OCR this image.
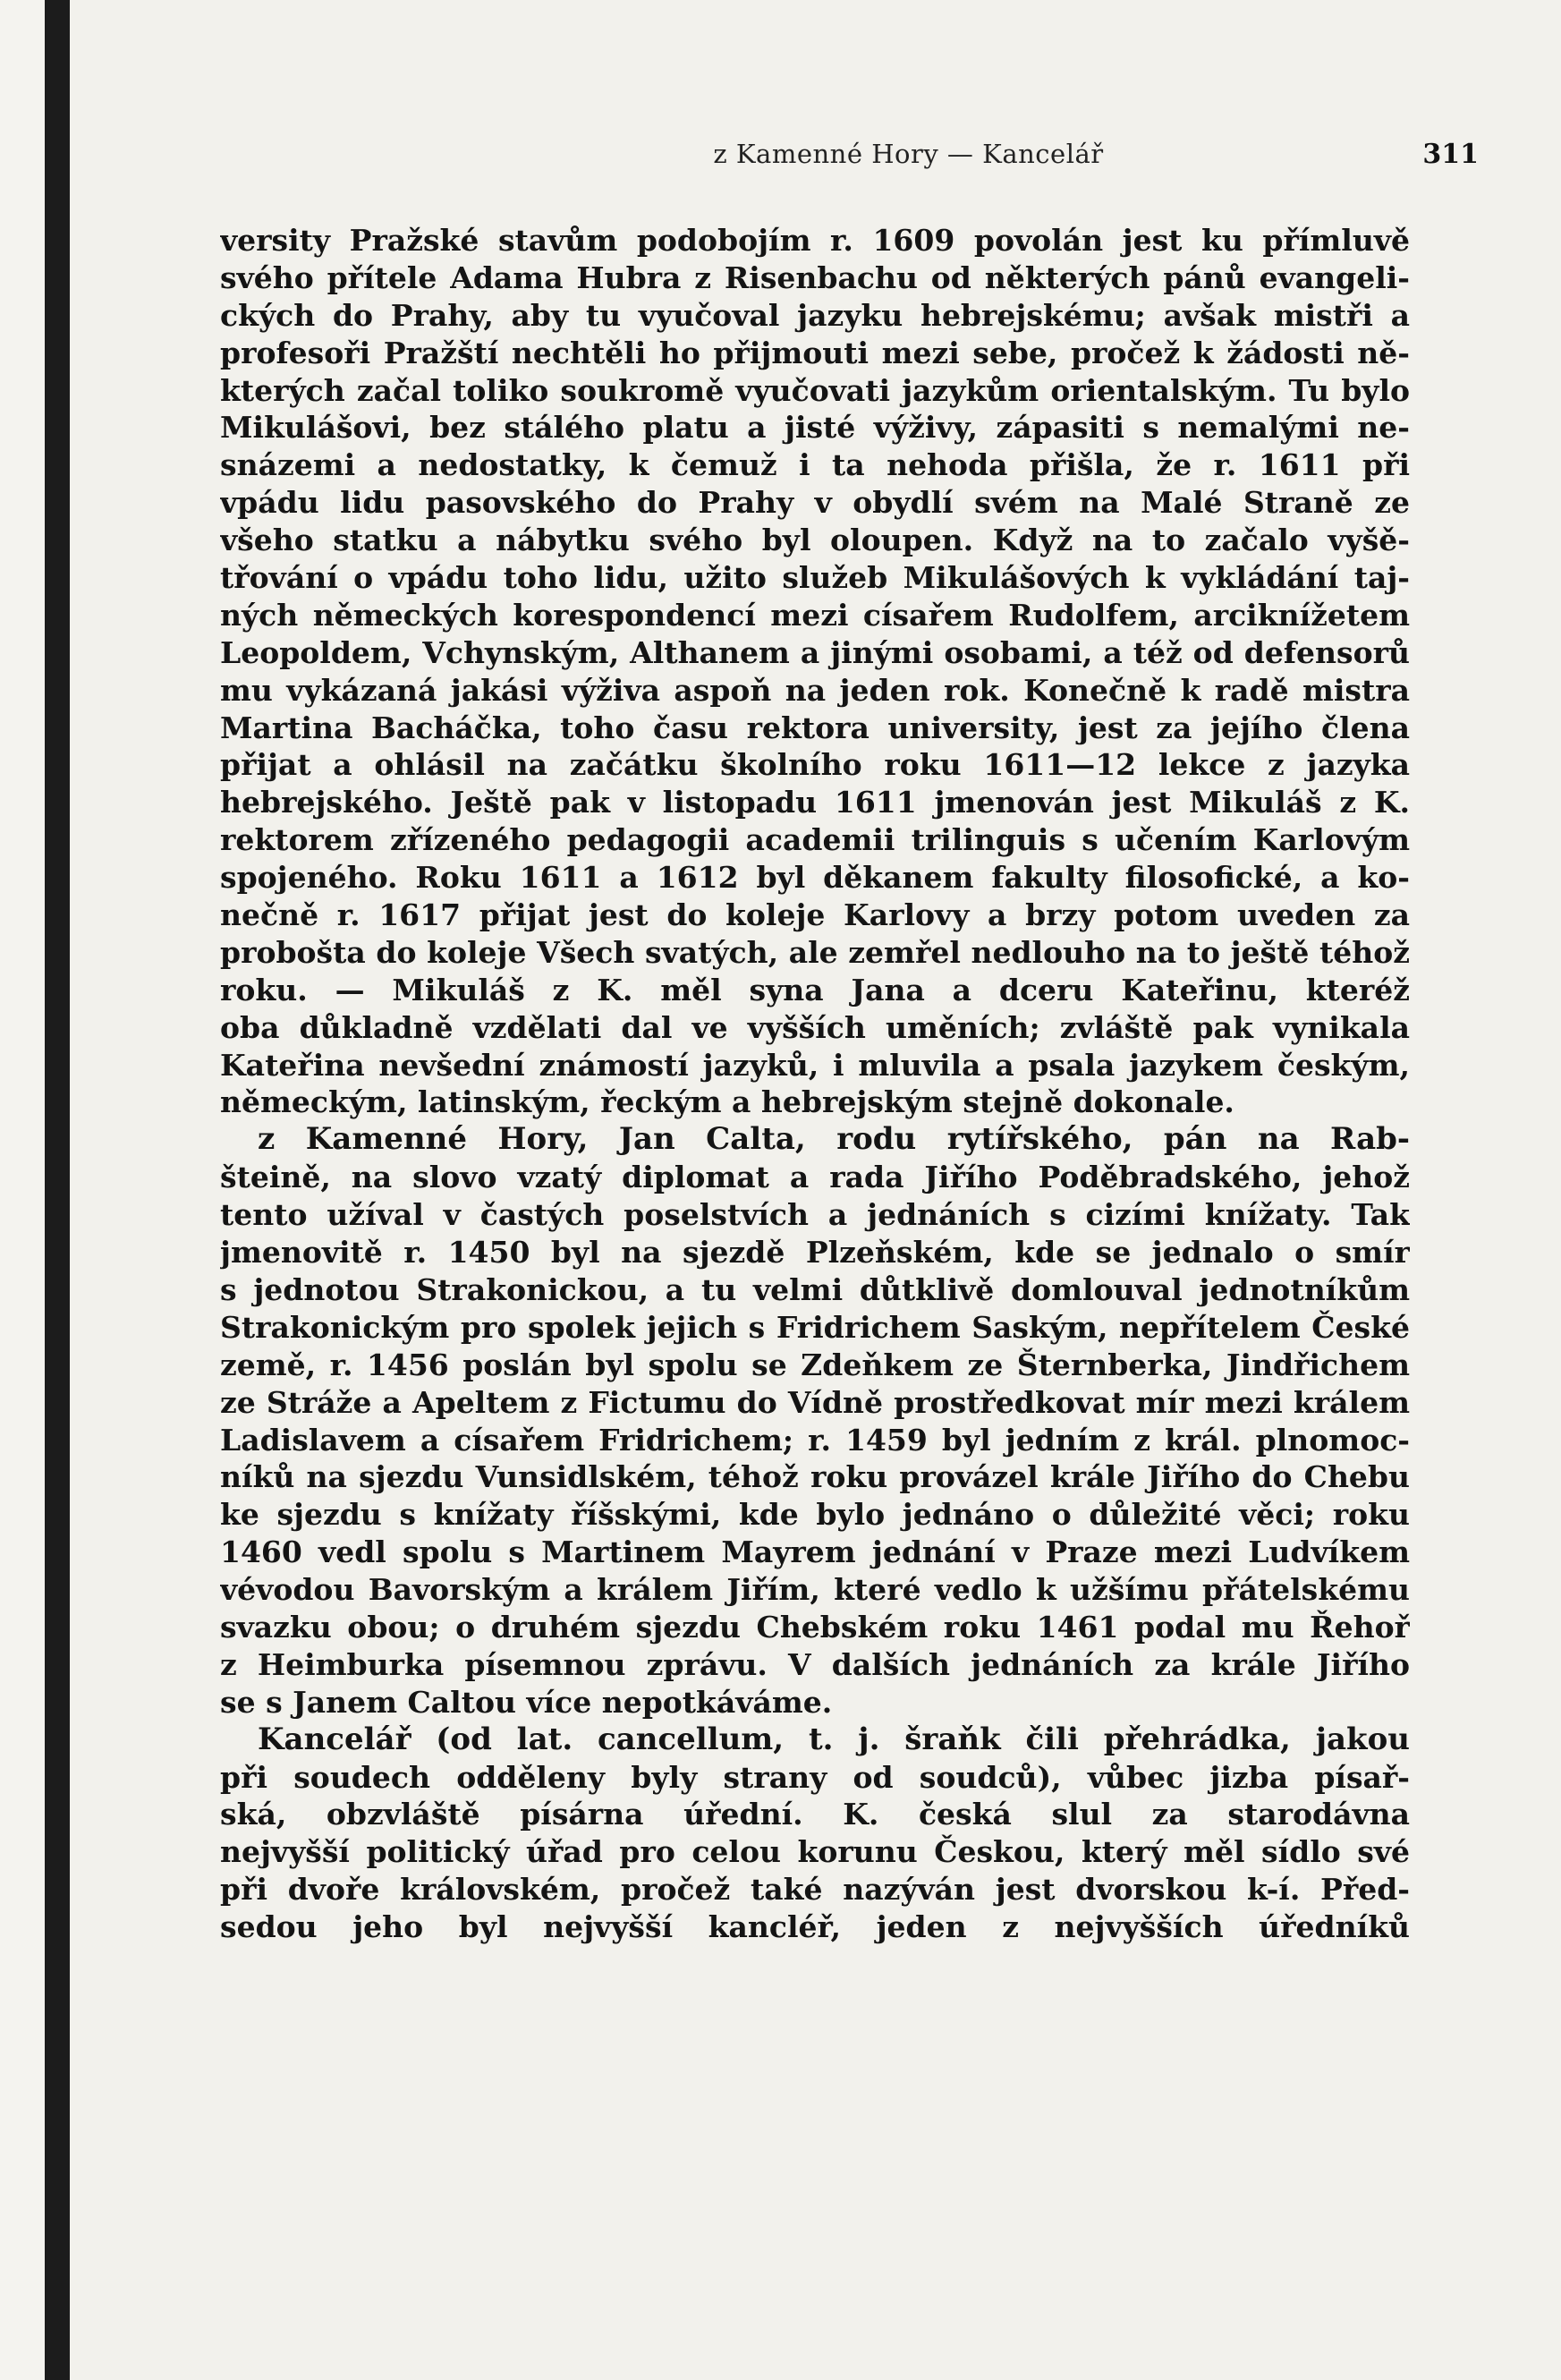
z Kamenné Hory — Kancelář	311
versity Pražské stavům podobojím r. 1609 povolán jest ku přímluvě
svého přítele Adama Hubra z Risenbachu od některých pánů evangeli-
ckých do Prahy, aby tu vyučoval jazyku hebrejskému; avšak mistři a
profesoři Pražští nechtěli ho přijmouti mezi sebe, pročež k žádosti ně-
kterých začal toliko soukromě vyučovati jazykům orientalským. Tu bylo
Mikulášovi, bez stálého platu a jisté výživy, zápasiti s nemalými ne-
snázemi a nedostatky, k čemuž i ta nehoda přišla, že r. 1611 při
vpádu lidu pasovského do Prahy v obydlí svém na Malé Straně ze
všeho statku a nábytku svého byl oloupen. Když na to začalo vyšě-
třování o vpádu toho lidu, užito služeb Mikulášových k vykládání taj-
ných německých korespondencí mezi císařem Rudolfem, arciknížetem
Leopoldem, Vchynským, Althanem a jinými osobami, a též od defensorů
mu vykázaná jakási výživa aspoň na jeden rok. Konečně k radě mistra
Martina Bacháčka, toho času rektora university, jest za jejího člena
přijat a ohlásil na začátku školního roku 1611—12 lekce z jazyka
hebrejského. Ještě pak v listopadu 1611 jmenován jest Mikuláš z K.
rektorem zřízeného pedagogii academii trilinguis s učením Karlovým
spojeného. Roku 1611 a 1612 byl děkanem fakulty filosofické, a ko-
nečně r. 1617 přijat jest do koleje Karlovy a brzy potom uveden za
probošta do koleje Všech svatých, ale zemřel nedlouho na to ještě téhož
roku. — Mikuláš z K. měl syna Jana a dceru Kateřinu, kteréž
oba důkladně vzdělati dal ve vyšších uměních; zvláště pak vynikala
Kateřina nevšední známostí jazyků, i mluvila a psala jazykem českým,
německým, latinským, řeckým a hebrejským stejně dokonale.
z Kamenné Hory, Jan Calta, rodu rytířského, pán na Rab-
šteině, na slovo vzatý diplomat a rada Jiřího Poděbradského, jehož
tento užíval v častých poselstvích a jednáních s cizími knížaty. Tak
jmenovitě r. 1450 byl na sjezdě Plzeňském, kde se jednalo o smír
s jednotou Strakonickou, a tu velmi důtklivě domlouval jednotníkům
Strakonickým pro spolek jejich s Fridrichem Saským, nepřítelem České
země, r. 1456 poslán byl spolu se Zdeňkem ze Šternberka, Jindřichem
ze Stráže a Apeltem z Fictumu do Vídně prostředkovat mír mezi králem
Ladislavem a císařem Fridrichem; r. 1459 byl jedním z král. plnomoc-
níků na sjezdu Vunsidlském, téhož roku provázel krále Jiřího do Chebu
ke sjezdu s knížaty říšskými, kde bylo jednáno o důležité věci; roku
1460 vedl spolu s Martinem Mayrem jednání v Praze mezi Ludvíkem
vévodou Bavorským a králem Jiřím, které vedlo k užšímu přátelskému
svazku obou; o druhém sjezdu Chebském roku 1461 podal mu Řehoř
z Heimburka písemnou zprávu. V dalších jednáních za krále Jiřího
se s Janem Caltou více nepotkáváme.
Kancelář (od lat. cancellum, t. j. šraňk čili přehrádka, jakou
při soudech odděleny byly strany od soudců), vůbec jizba písař-
ská, obzvláště písárna úřední. K. česká slul za starodávna
nejvyšší politický úřad pro celou korunu Českou, který měl sídlo své
při dvoře královském, pročež také nazýván jest dvorskou k-í. Před-
sedou jeho byl nejvyšší kancléř, jeden z nejvyšších úředníků
